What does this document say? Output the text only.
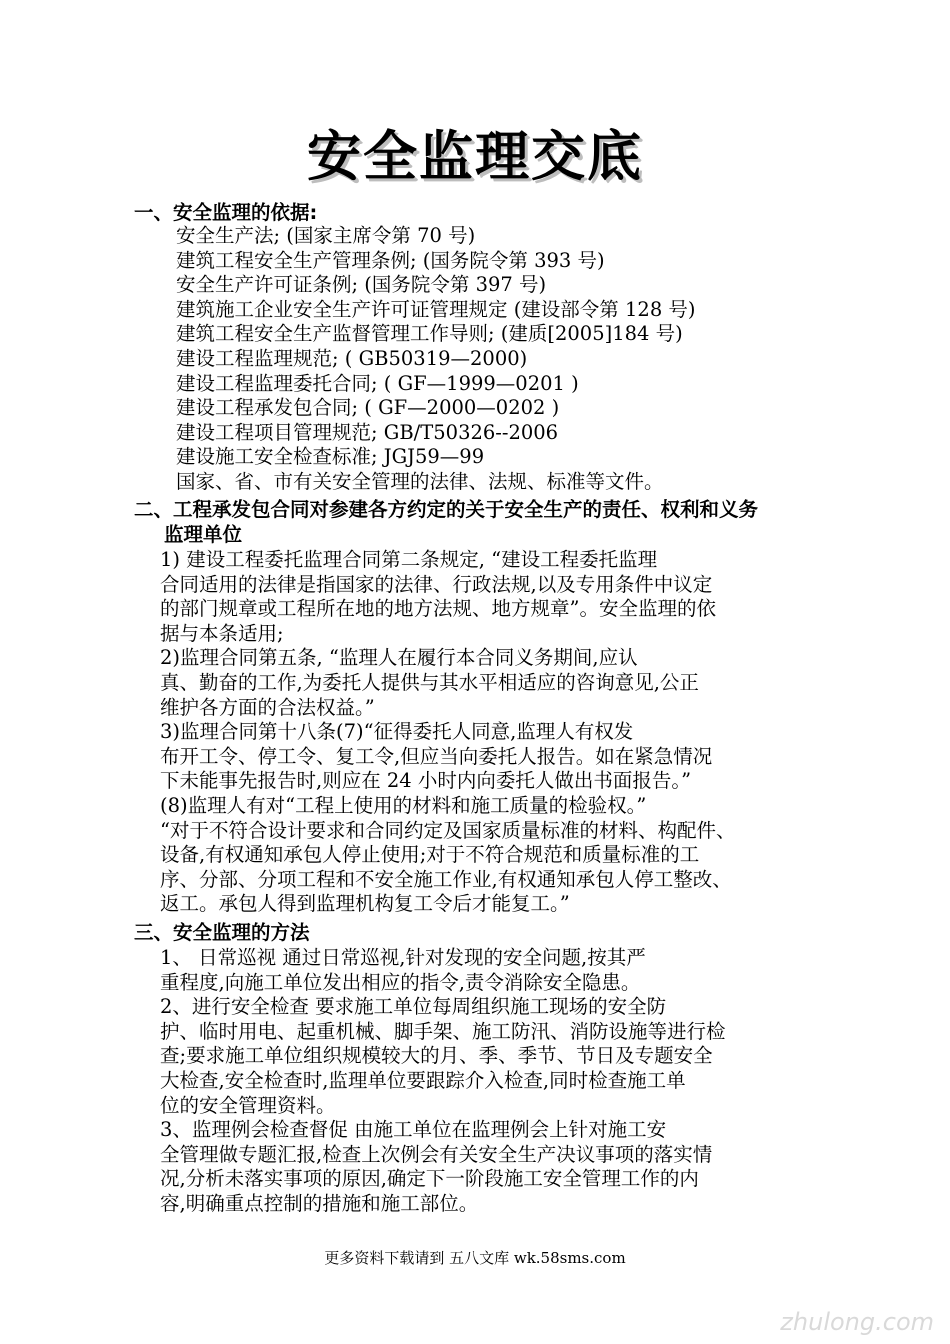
安全监理交底
一、安全监理的依据:
安全生产法; (国家主席令第 70 号)
建筑工程安全生产管理条例; (国务院令第 393 号)
安全生产许可证条例; (国务院令第 397 号)
建筑施工企业安全生产许可证管理规定 (建设部令第 128 号)
建筑工程安全生产监督管理工作导则; (建质[2005]184 号)
建设工程监理规范; ( GB50319—2000)
建设工程监理委托合同; ( GF—1999—0201 )
建设工程承发包合同; ( GF—2000—0202 )
建设工程项目管理规范; GB/T50326--2006
建设施工安全检查标准; JGJ59—99
国家、省、市有关安全管理的法律、法规、标准等文件。
二、工程承发包合同对参建各方约定的关于安全生产的责任、权利和义务
监理单位
1) 建设工程委托监理合同第二条规定, “建设工程委托监理
合同适用的法律是指国家的法律、行政法规,以及专用条件中议定
的部门规章或工程所在地的地方法规、地方规章”。安全监理的依
据与本条适用;
2)监理合同第五条, “监理人在履行本合同义务期间,应认
真、勤奋的工作,为委托人提供与其水平相适应的咨询意见,公正
维护各方面的合法权益。”
3)监理合同第十八条(7)“征得委托人同意,监理人有权发
布开工令、停工令、复工令,但应当向委托人报告。如在紧急情况
下未能事先报告时,则应在 24 小时内向委托人做出书面报告。”
(8)监理人有对“工程上使用的材料和施工质量的检验权。”
“对于不符合设计要求和合同约定及国家质量标准的材料、构配件、
设备,有权通知承包人停止使用;对于不符合规范和质量标准的工
序、分部、分项工程和不安全施工作业,有权通知承包人停工整改、
返工。承包人得到监理机构复工令后才能复工。”
三、安全监理的方法
1、 日常巡视 通过日常巡视,针对发现的安全问题,按其严
重程度,向施工单位发出相应的指令,责令消除安全隐患。
2、进行安全检查 要求施工单位每周组织施工现场的安全防
护、临时用电、起重机械、脚手架、施工防汛、消防设施等进行检
查;要求施工单位组织规模较大的月、季、季节、节日及专题安全
大检查,安全检查时,监理单位要跟踪介入检查,同时检查施工单
位的安全管理资料。
3、监理例会检查督促 由施工单位在监理例会上针对施工安
全管理做专题汇报,检查上次例会有关安全生产决议事项的落实情
况,分析未落实事项的原因,确定下一阶段施工安全管理工作的内
容,明确重点控制的措施和施工部位。
更多资料下载请到 五八文库 wk.58sms.com
zhulong.com
